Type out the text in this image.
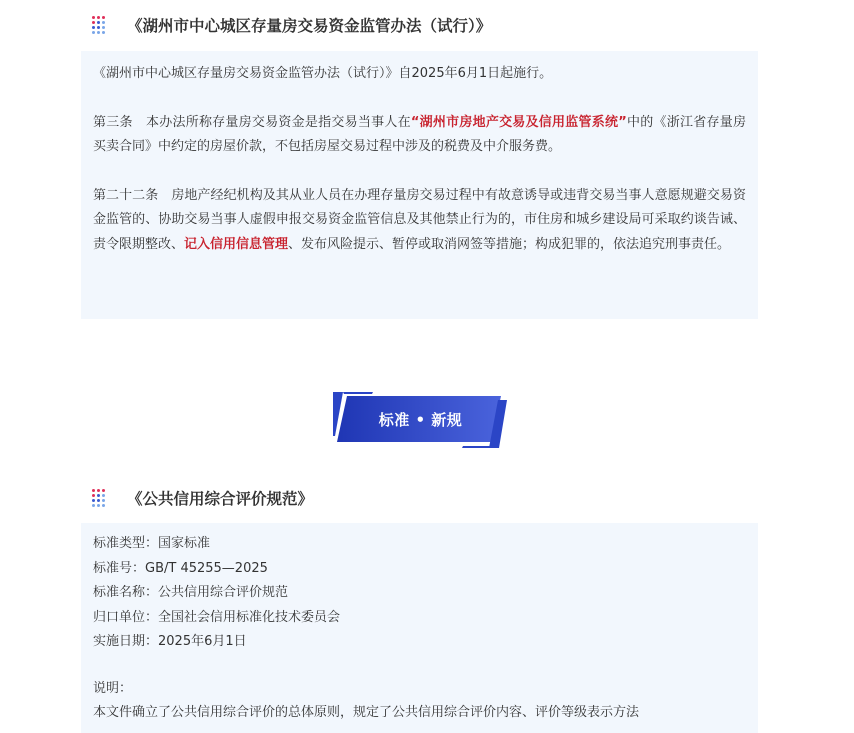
《湖州市中心城区存量房交易资金监管办法（试行）》

《湖州市中心城区存量房交易资金监管办法（试行）》自2025年6月1日起施行。

第三条　本办法所称存量房交易资金是指交易当事人在“湖州市房地产交易及信用监管系统”中的《浙江省存量房买卖合同》中约定的房屋价款，不包括房屋交易过程中涉及的税费及中介服务费。

第二十二条　房地产经纪机构及其从业人员在办理存量房交易过程中有故意诱导或违背交易当事人意愿规避交易资金监管的、协助交易当事人虚假申报交易资金监管信息及其他禁止行为的，市住房和城乡建设局可采取约谈告诫、责令限期整改、记入信用信息管理、发布风险提示、暂停或取消网签等措施；构成犯罪的，依法追究刑事责任。

标准 • 新规
《公共信用综合评价规范》

标准类型：国家标准

标准号：GB/T 45255—2025

标准名称：公共信用综合评价规范

归口单位：全国社会信用标准化技术委员会

实施日期：2025年6月1日

说明：

本文件确立了公共信用综合评价的总体原则，规定了公共信用综合评价内容、评价等级表示方法
